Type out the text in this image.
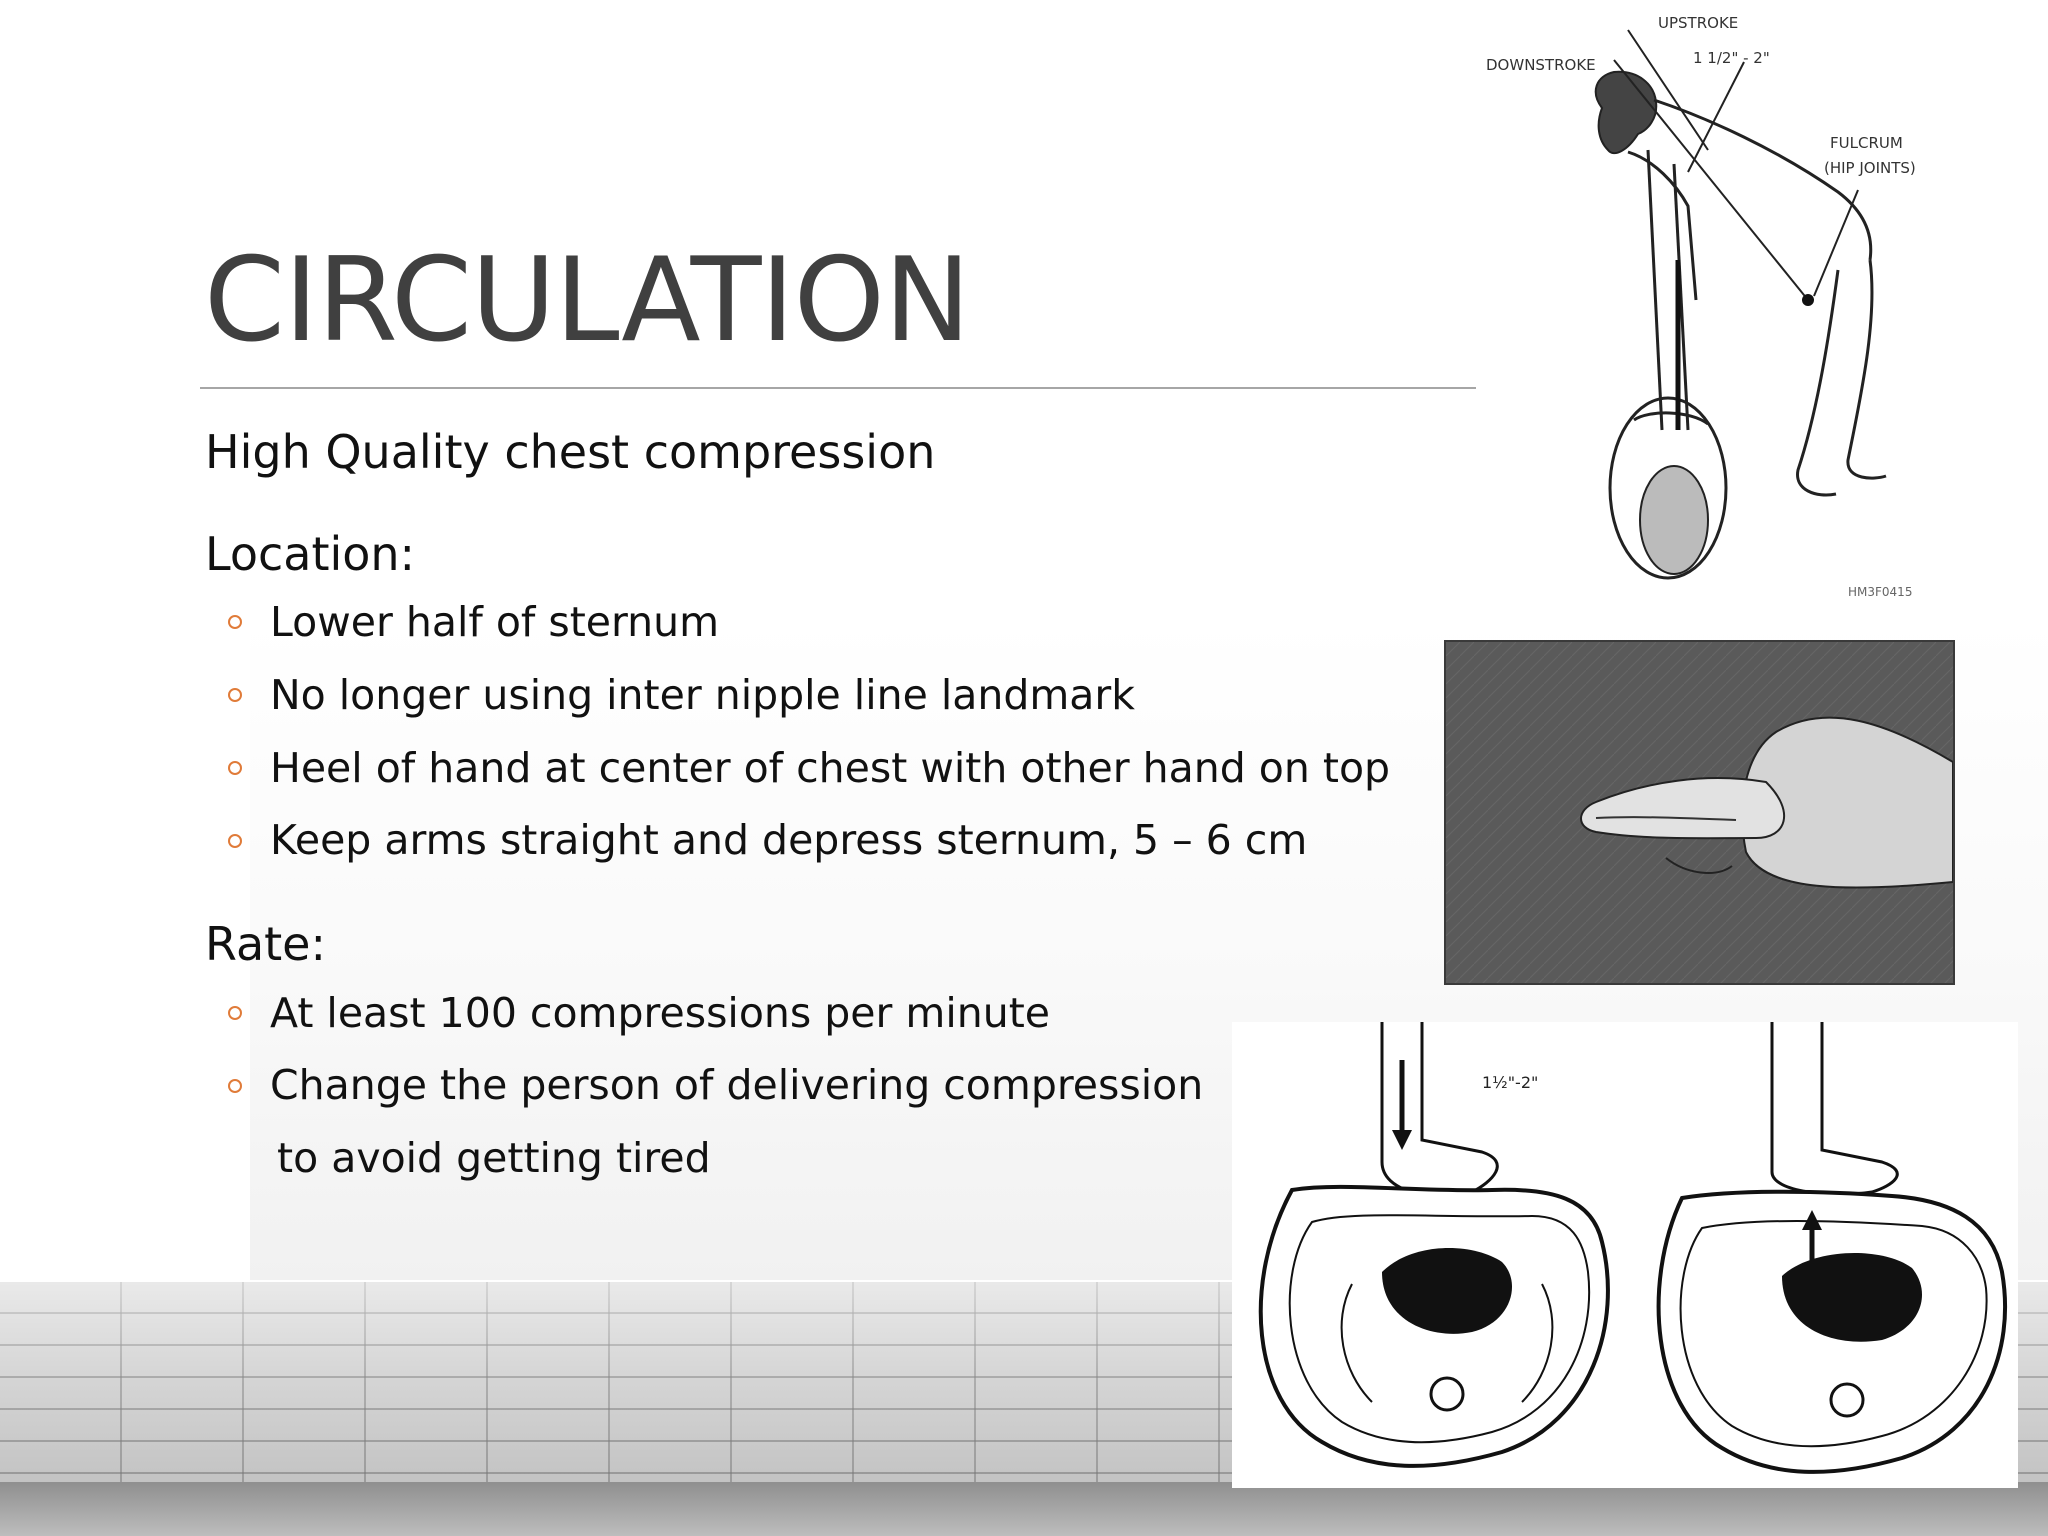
CIRCULATION
High Quality chest compression
Location:
Lower half of sternum
No longer using inter nipple line landmark
Heel of hand at center of chest with other hand on top
Keep arms straight and depress sternum, 5 – 6 cm
Rate:
At least 100 compressions per minute
Change the person of delivering compression
to avoid getting tired
UPSTROKE
DOWNSTROKE	1 1/2" - 2"
FULCRUM
(HIP JOINTS)
HM3F0415
1½"-2"
